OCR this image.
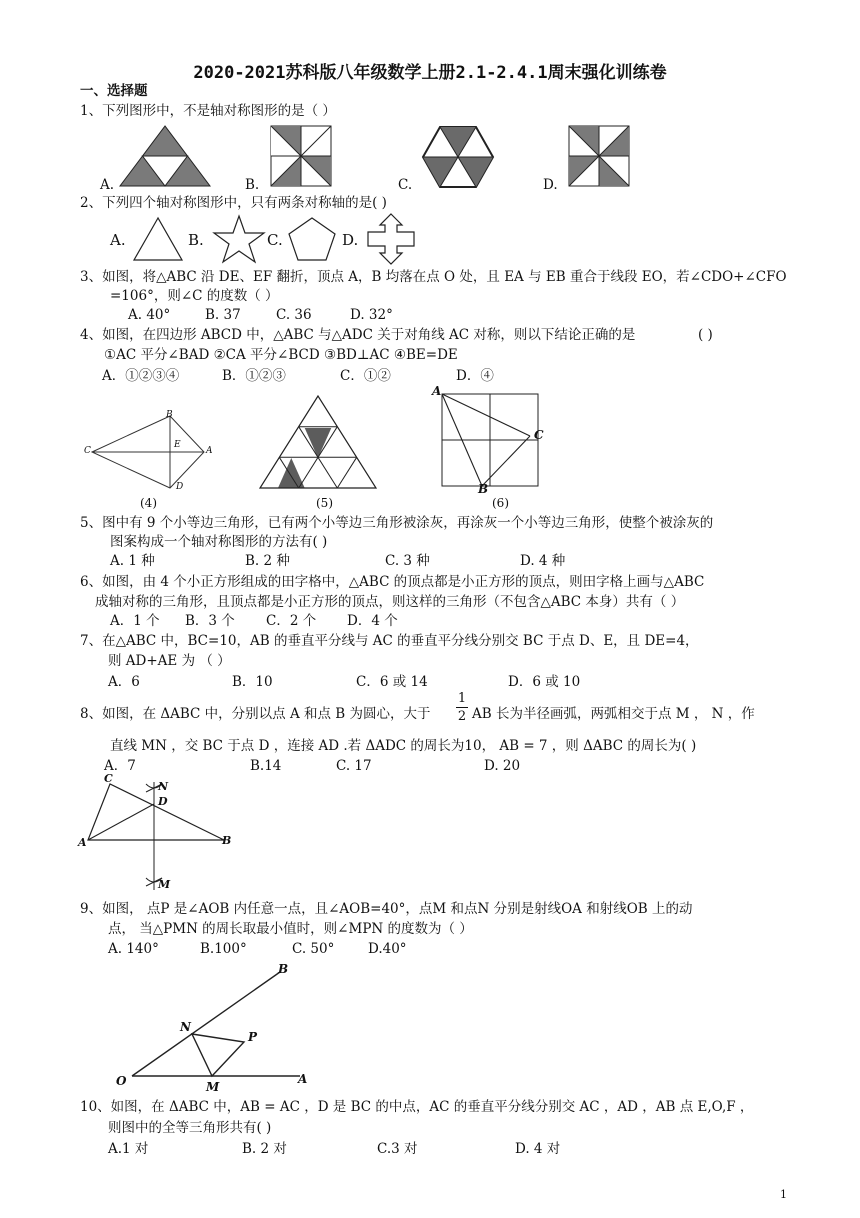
2020-2021苏科版八年级数学上册2.1-2.4.1周末强化训练卷
一、选择题
1、下列图形中，不是轴对称图形的是（ ）
A.	B.	C.	D.
2、下列四个轴对称图形中，只有两条对称轴的是( )
A.	B.	C.	D.
3、如图，将△ABC 沿 DE、EF 翻折，顶点 A，B 均落在点 O 处，且 EA 与 EB 重合于线段 EO，若∠CDO+∠CFO
=106°，则∠C 的度数（ ）
A. 40°	B. 37	C. 36	D. 32°
4、如图，在四边形 ABCD 中，△ABC 与△ADC 关于对角线 AC 对称，则以下结论正确的是	( )
①AC 平分∠BAD ②CA 平分∠BCD ③BD⊥AC ④BE=DE
A．①②③④	B．①②③	C．①②	D．④
B
E
C	A
D
(4)	(5)
A
C
B
(6)
5、图中有 9 个小等边三角形，已有两个小等边三角形被涂灰，再涂灰一个小等边三角形，使整个被涂灰的
图案构成一个轴对称图形的方法有( )
A. 1 种	B. 2 种	C. 3 种	D. 4 种
6、如图，由 4 个小正方形组成的田字格中，△ABC 的顶点都是小正方形的顶点，则田字格上画与△ABC
成轴对称的三角形，且顶点都是小正方形的顶点，则这样的三角形（不包含△ABC 本身）共有（ ）
A．1 个 B．3 个 C．2 个 D．4 个
7、在△ABC 中，BC=10，AB 的垂直平分线与 AC 的垂直平分线分别交 BC 于点 D、E，且 DE=4，
则 AD+AE 为 （ ）
A．6	B．10	C．6 或 14	D．6 或 10
8、如图，在 ΔABC 中，分别以点 A 和点 B 为圆心，大于
1
2 AB 长为半径画弧，两弧相交于点 M ， N ，作
直线 MN ，交 BC 于点 D ，连接 AD .若 ΔADC 的周长为10， AB = 7 ，则 ΔABC 的周长为( )
A．7	B.14	C. 17	D. 20
C
N
D
A	B
M
9、如图， 点P 是∠AOB 内任意一点，且∠AOB=40°，点M 和点N 分别是射线OA 和射线OB 上的动
点， 当△PMN 的周长取最小值时，则∠MPN 的度数为（ ）
A. 140°	B.100°	C. 50° D.40°
B
N
P
O	M
A
10、如图，在 ΔABC 中，AB = AC ，D 是 BC 的中点，AC 的垂直平分线分别交 AC ，AD ，AB 点 E,O,F ，
则图中的全等三角形共有( )
A.1 对	B. 2 对	C.3 对	D. 4 对
1
